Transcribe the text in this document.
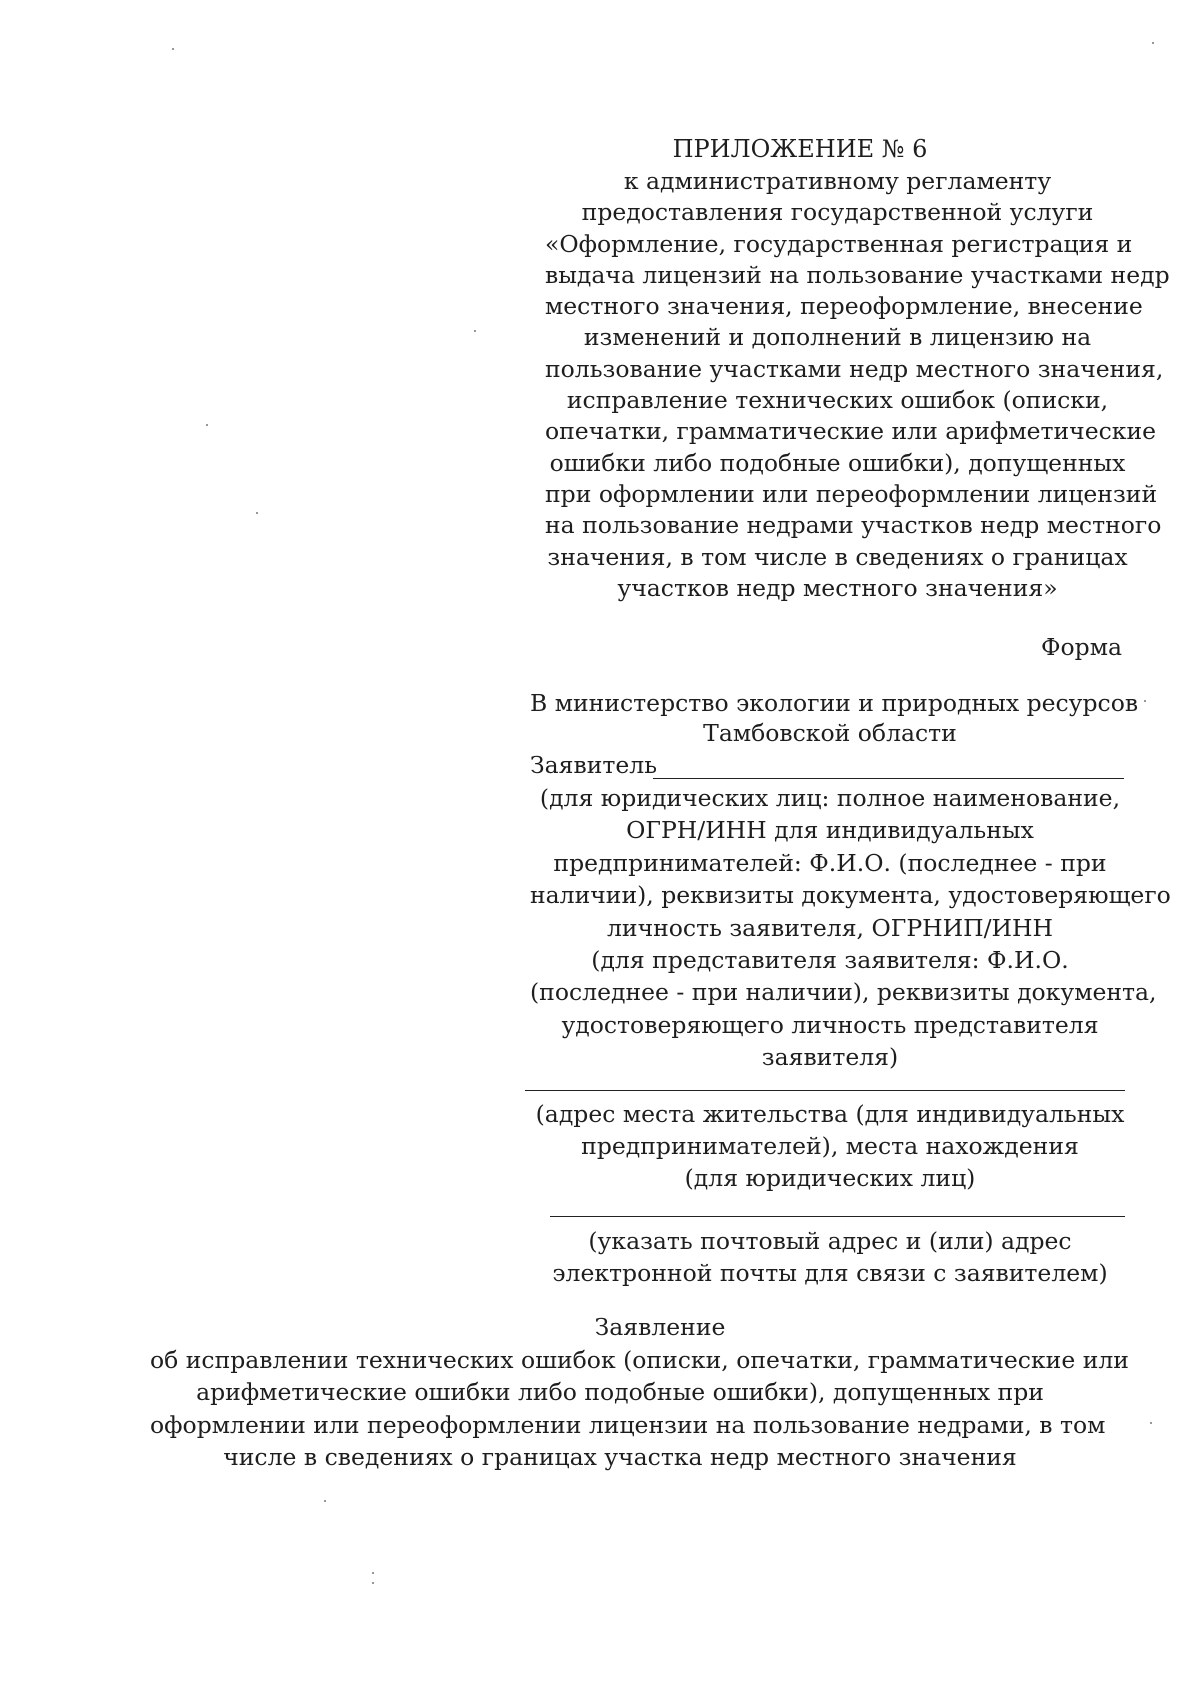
ПРИЛОЖЕНИЕ № 6
к административному регламенту
предоставления государственной услуги
«Оформление, государственная регистрация и
выдача лицензий на пользование участками недр
местного значения, переоформление, внесение
изменений и дополнений в лицензию на
пользование участками недр местного значения,
исправление технических ошибок (описки,
опечатки, грамматические или арифметические
ошибки либо подобные ошибки), допущенных
при оформлении или переоформлении лицензий
на пользование недрами участков недр местного
значения, в том числе в сведениях о границах
участков недр местного значения»
Форма
В министерство экологии и природных ресурсов
Тамбовской области
Заявитель
(для юридических лиц: полное наименование,
ОГРН/ИНН для индивидуальных
предпринимателей: Ф.И.О. (последнее - при
наличии), реквизиты документа, удостоверяющего
личность заявителя, ОГРНИП/ИНН
(для представителя заявителя: Ф.И.О.
(последнее - при наличии), реквизиты документа,
удостоверяющего личность представителя
заявителя)
(адрес места жительства (для индивидуальных
предпринимателей), места нахождения
(для юридических лиц)
(указать почтовый адрес и (или) адрес
электронной почты для связи с заявителем)
Заявление
об исправлении технических ошибок (описки, опечатки, грамматические или
арифметические ошибки либо подобные ошибки), допущенных при
оформлении или переоформлении лицензии на пользование недрами, в том
числе в сведениях о границах участка недр местного значения
